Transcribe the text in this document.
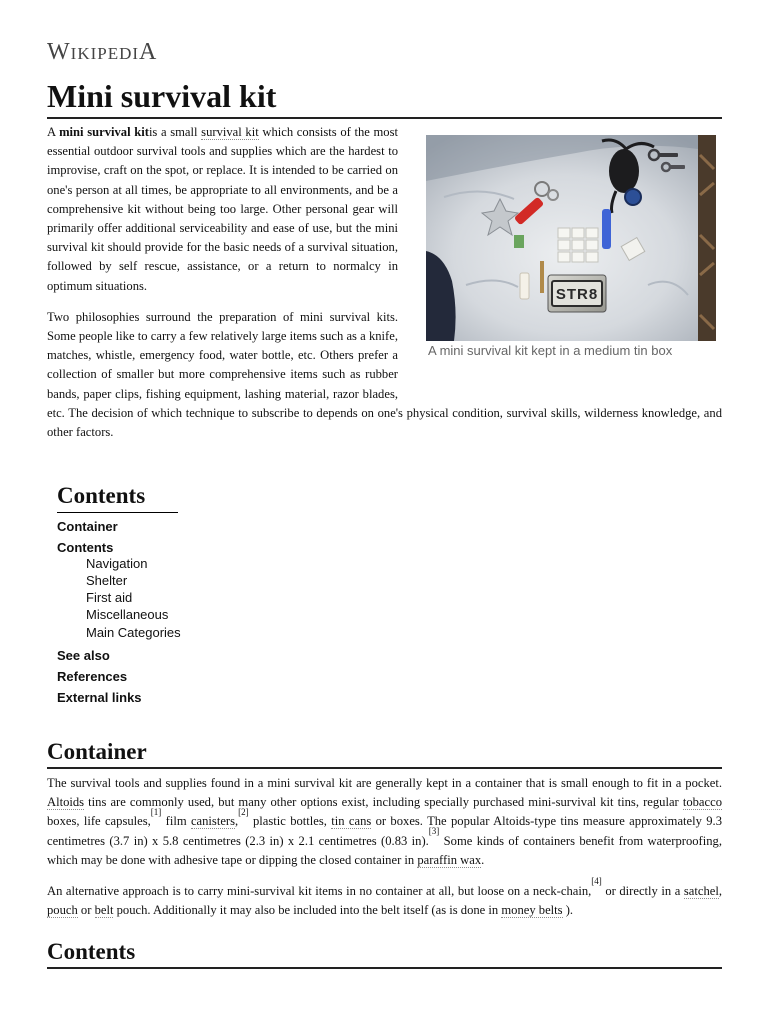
WikipediA
Mini survival kit
STR8
A mini survival kit kept in a medium tin box

A mini survival kitis a small survival kit which consists of the most essential outdoor survival tools and supplies which are the hardest to improvise, craft on the spot, or replace. It is intended to be carried on one's person at all times, be appropriate to all environments, and be a comprehensive kit without being too large. Other personal gear will primarily offer additional serviceability and ease of use, but the mini survival kit should provide for the basic needs of a survival situation, followed by self rescue, assistance, or a return to normalcy in optimum situations.

Two philosophies surround the preparation of mini survival kits. Some people like to carry a few relatively large items such as a knife, matches, whistle, emergency food, water bottle, etc. Others prefer a collection of smaller but more comprehensive items such as rubber bands, paper clips, fishing equipment, lashing material, razor blades, etc. The decision of which technique to subscribe to depends on one's physical condition, survival skills, wilderness knowledge, and other factors.

Contents
Container
Contents
Navigation
Shelter
First aid
Miscellaneous
Main Categories
See also
References
External links
Container

The survival tools and supplies found in a mini survival kit are generally kept in a container that is small enough to fit in a pocket. Altoids tins are commonly used, but many other options exist, including specially purchased mini-survival kit tins, regular tobacco boxes, life capsules,[1] film canisters,[2] plastic bottles, tin cans or boxes. The popular Altoids-type tins measure approximately 9.3 centimetres (3.7 in) x 5.8 centimetres (2.3 in) x 2.1 centimetres (0.83 in).[3] Some kinds of containers benefit from waterproofing, which may be done with adhesive tape or dipping the closed container in paraffin wax.

An alternative approach is to carry mini-survival kit items in no container at all, but loose on a neck-chain,[4] or directly in a satchel, pouch or belt pouch. Additionally it may also be included into the belt itself (as is done in money belts ).

Contents
